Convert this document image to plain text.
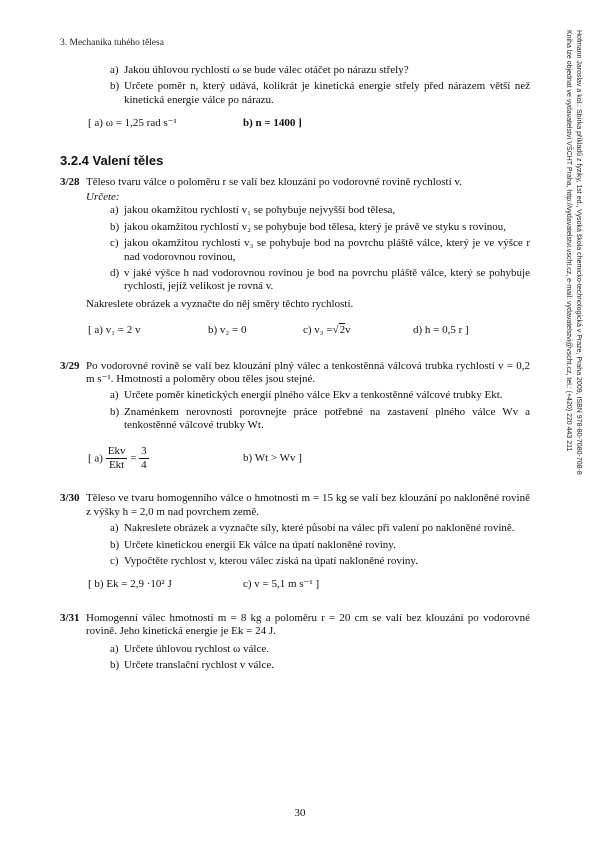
3. Mechanika tuhého tělesa	Hofmann Jaroslav a kol.: Sbírka příkladů z fyziky, 1st ed., Vysoká škola chemicko-technologická v Praze, Praha 2009, ISBN 978-80-7080-708-8
Kniha lze objednat ve vydavatelství VŠCHT Praha, http://vydavatelstvi.vscht.cz, e-mail: vydavatelstvi@vscht.cz, tel.: (+420) 220 443 211
a) Jakou úhlovou rychlostí ω se bude válec otáčet po nárazu střely?
b) Určete poměr n, který udává, kolikrát je kinetická energie střely před nárazem větší než kinetická energie válce po nárazu.
[ a) ω = 1,25 rad s⁻¹	b) n = 1400 ]
3.2.4 Valení těles
3/28 Těleso tvaru válce o poloměru r se valí bez klouzání po vodorovné rovině rychlostí v.
Určete:
a) jakou okamžitou rychlostí v₁ se pohybuje nejvyšší bod tělesa,
b) jakou okamžitou rychlostí v₂ se pohybuje bod tělesa, který je právě ve styku s rovinou,
c) jakou okamžitou rychlostí v₃ se pohybuje bod na povrchu pláště válce, který je ve výšce r nad vodorovnou rovinou,
d) v jaké výšce h nad vodorovnou rovinou je bod na povrchu pláště válce, který se pohybuje rychlostí, jejíž velikost je rovná v.
Nakreslete obrázek a vyznačte do něj směry těchto rychlostí.
[ a) v₁ = 2 v	b) v₂ = 0	c) v₃ =√2v	d) h = 0,5 r ]
3/29 Po vodorovné rovině se valí bez klouzání plný válec a tenkostěnná válcová trubka rychlostí v = 0,2 m s⁻¹. Hmotnosti a poloměry obou těles jsou stejné.
a) Určete poměr kinetických energií plného válce Ekv a tenkostěnné válcové trubky Ekt.
b) Znaménkem nerovnosti porovnejte práce potřebné na zastavení plného válce Wv a tenkostěnné válcové trubky Wt.
[ $a) \frac{\text{Ekv}}{\text{Ekt}} = \frac{3}{4}$	b) Wt > Wv ]
3/30 Těleso ve tvaru homogenního válce o hmotnosti m = 15 kg se valí bez klouzání po nakloněné rovině z výšky h = 2,0 m nad povrchem země.
a) Nakreslete obrázek a vyznačte síly, které působí na válec při valení po nakloněné rovině.
b) Určete kinetickou energii Ek válce na úpatí nakloněné roviny.
c) Vypočtěte rychlost v, kterou válec získá na úpatí nakloněné roviny.
[ b) Ek = 2,9 ·10² J	c) v = 5,1 m s⁻¹ ]
3/31 Homogenní válec hmotnosti m = 8 kg a poloměru r = 20 cm se valí bez klouzání po vodorovné rovině. Jeho kinetická energie je Ek = 24 J.
a) Určete úhlovou rychlost ω válce.
b) Určete translační rychlost v válce.
30
